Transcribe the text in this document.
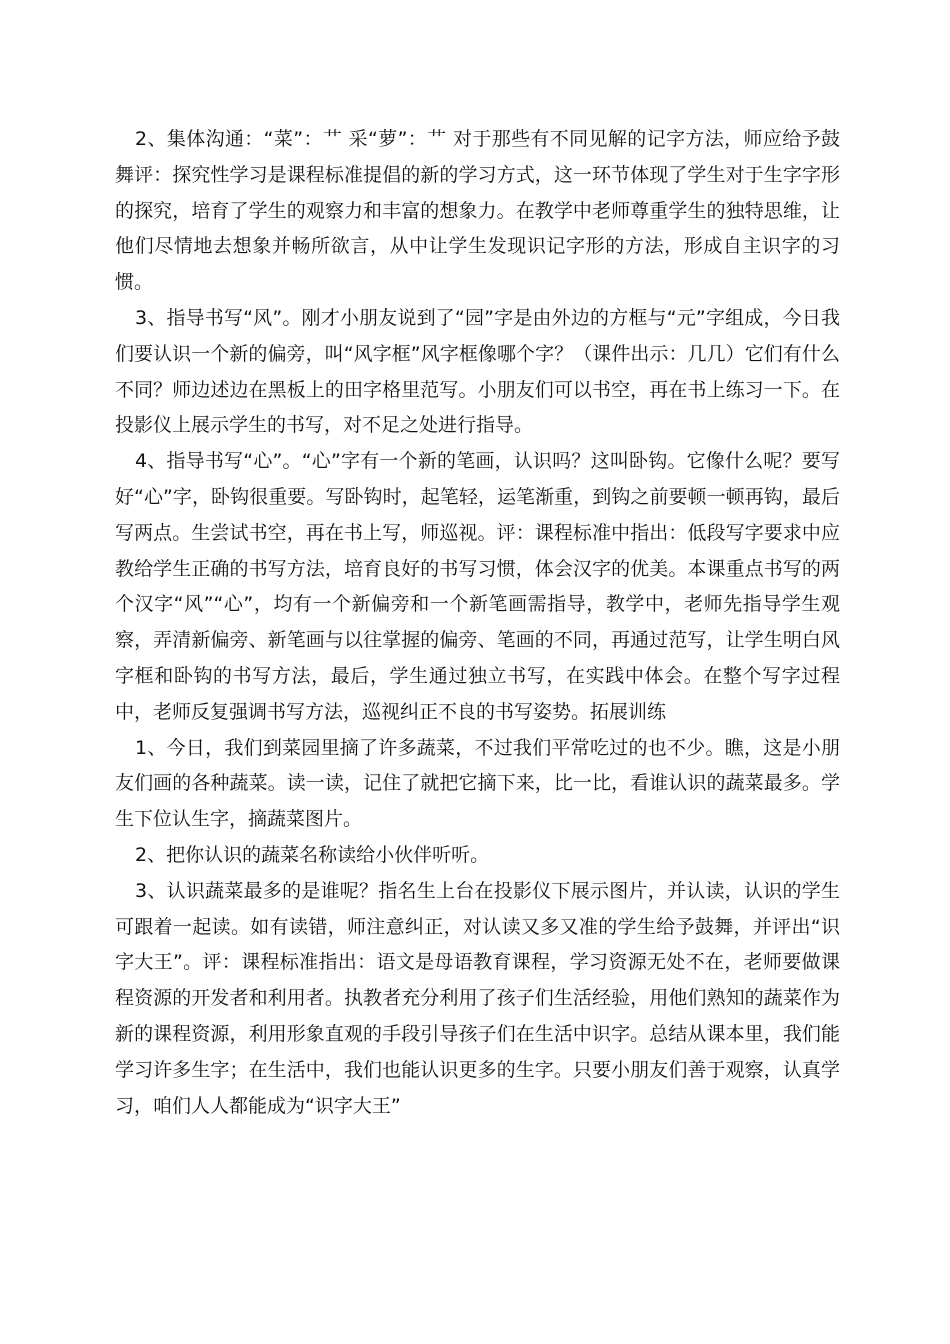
2、集体沟通：“菜”：艹 采“萝”：艹 对于那些有不同见解的记字方法，师应给予鼓舞评：探究性学习是课程标准提倡的新的学习方式，这一环节体现了学生对于生字字形的探究，培育了学生的观察力和丰富的想象力。在教学中老师尊重学生的独特思维，让他们尽情地去想象并畅所欲言，从中让学生发现识记字形的方法，形成自主识字的习惯。

3、指导书写“风”。刚才小朋友说到了“园”字是由外边的方框与“元”字组成，今日我们要认识一个新的偏旁，叫“风字框”风字框像哪个字？（课件出示：几几）它们有什么不同？师边述边在黑板上的田字格里范写。小朋友们可以书空，再在书上练习一下。在投影仪上展示学生的书写，对不足之处进行指导。

4、指导书写“心”。“心”字有一个新的笔画，认识吗？这叫卧钩。它像什么呢？要写好“心”字，卧钩很重要。写卧钩时，起笔轻，运笔渐重，到钩之前要顿一顿再钩，最后写两点。生尝试书空，再在书上写，师巡视。评：课程标准中指出：低段写字要求中应教给学生正确的书写方法，培育良好的书写习惯，体会汉字的优美。本课重点书写的两个汉字“风”“心”，均有一个新偏旁和一个新笔画需指导，教学中，老师先指导学生观察，弄清新偏旁、新笔画与以往掌握的偏旁、笔画的不同，再通过范写，让学生明白风字框和卧钩的书写方法，最后，学生通过独立书写，在实践中体会。在整个写字过程中，老师反复强调书写方法，巡视纠正不良的书写姿势。拓展训练

1、今日，我们到菜园里摘了许多蔬菜，不过我们平常吃过的也不少。瞧，这是小朋友们画的各种蔬菜。读一读，记住了就把它摘下来，比一比，看谁认识的蔬菜最多。学生下位认生字，摘蔬菜图片。

2、把你认识的蔬菜名称读给小伙伴听听。

3、认识蔬菜最多的是谁呢？指名生上台在投影仪下展示图片，并认读，认识的学生可跟着一起读。如有读错，师注意纠正，对认读又多又准的学生给予鼓舞，并评出“识字大王”。评：课程标准指出：语文是母语教育课程，学习资源无处不在，老师要做课程资源的开发者和利用者。执教者充分利用了孩子们生活经验，用他们熟知的蔬菜作为新的课程资源，利用形象直观的手段引导孩子们在生活中识字。总结从课本里，我们能学习许多生字；在生活中，我们也能认识更多的生字。只要小朋友们善于观察，认真学习，咱们人人都能成为“识字大王”
